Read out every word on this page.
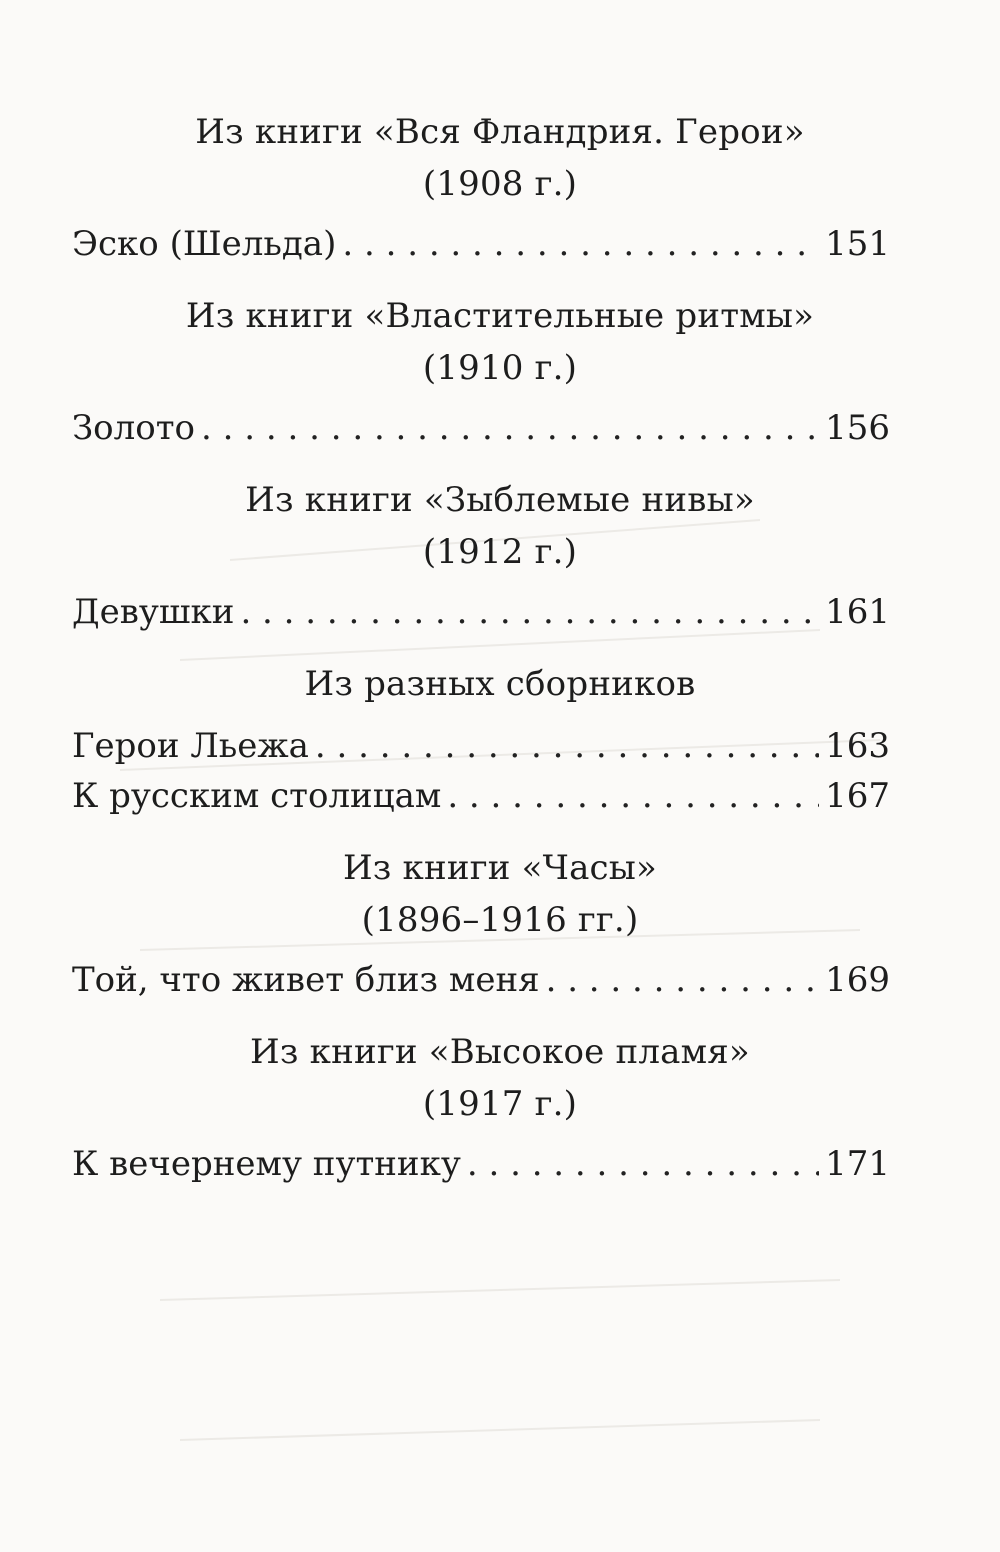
Из книги «Вся Фландрия. Герои»
(1908 г.)
Эско (Шельда) . . .	151
Из книги «Властительные ритмы»
(1910 г.)
Золото . . .	156
Из книги «Зыблемые нивы»
(1912 г.)
Девушки . . .	161
Из разных сборников
Герои Льежа . . .	163
К русским столицам . . .	167
Из книги «Часы»
(1896–1916 гг.)
Той, что живет близ меня . . .	169
Из книги «Высокое пламя»
(1917 г.)
К вечернему путнику . . .	171
